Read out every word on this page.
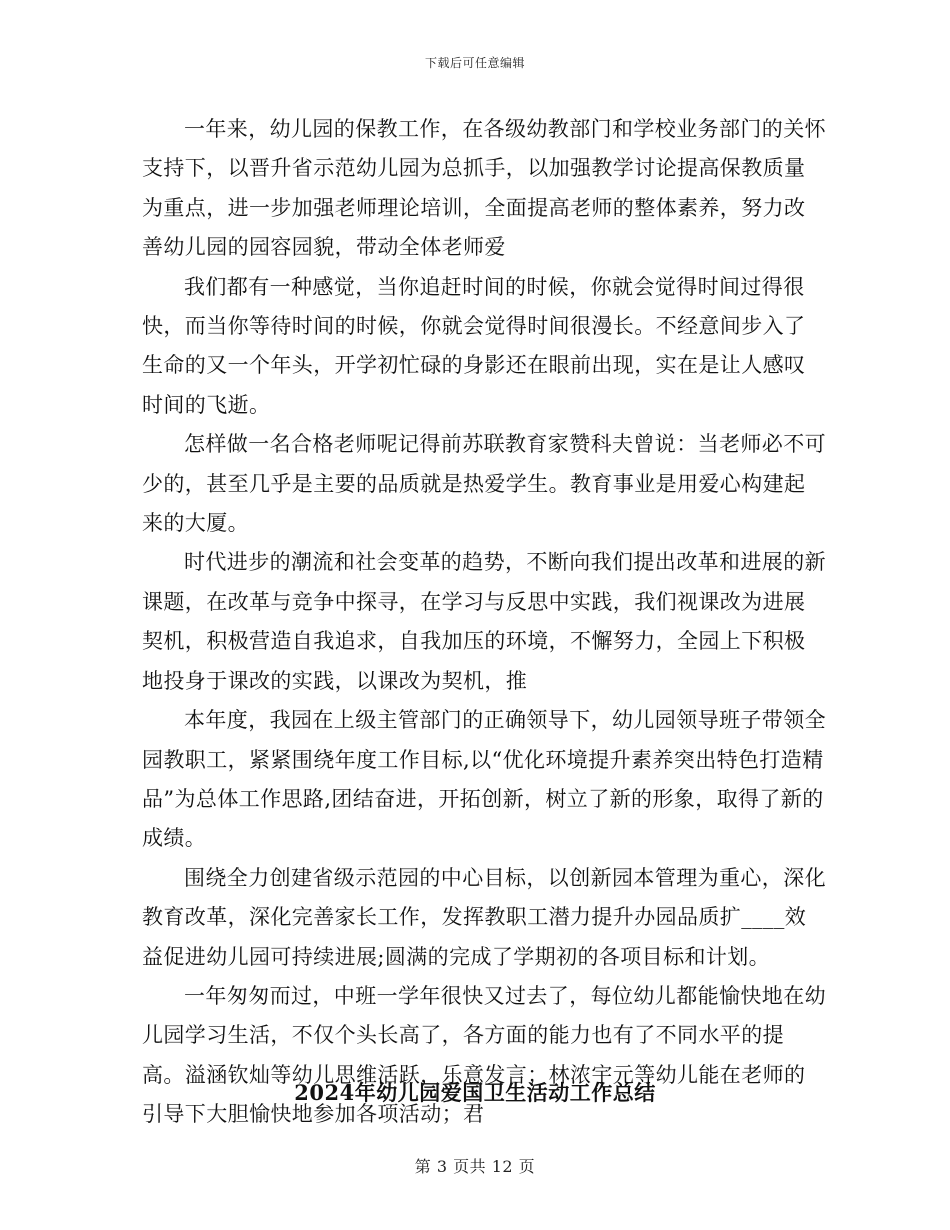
下载后可任意编辑

一年来，幼儿园的保教工作，在各级幼教部门和学校业务部门的关怀支持下，以晋升省示范幼儿园为总抓手，以加强教学讨论提高保教质量为重点，进一步加强老师理论培训，全面提高老师的整体素养，努力改善幼儿园的园容园貌，带动全体老师爱

我们都有一种感觉，当你追赶时间的时候，你就会觉得时间过得很快，而当你等待时间的时候，你就会觉得时间很漫长。不经意间步入了生命的又一个年头，开学初忙碌的身影还在眼前出现，实在是让人感叹时间的飞逝。

怎样做一名合格老师呢记得前苏联教育家赞科夫曾说：当老师必不可少的，甚至几乎是主要的品质就是热爱学生。教育事业是用爱心构建起来的大厦。

时代进步的潮流和社会变革的趋势，不断向我们提出改革和进展的新课题，在改革与竞争中探寻，在学习与反思中实践，我们视课改为进展契机，积极营造自我追求，自我加压的环境，不懈努力，全园上下积极地投身于课改的实践，以课改为契机，推

本年度，我园在上级主管部门的正确领导下，幼儿园领导班子带领全园教职工，紧紧围绕年度工作目标,以“优化环境提升素养突出特色打造精品”为总体工作思路,团结奋进，开拓创新，树立了新的形象，取得了新的成绩。

围绕全力创建省级示范园的中心目标，以创新园本管理为重心，深化教育改革，深化完善家长工作，发挥教职工潜力提升办园品质扩____效益促进幼儿园可持续进展;圆满的完成了学期初的各项目标和计划。

一年匆匆而过，中班一学年很快又过去了，每位幼儿都能愉快地在幼儿园学习生活，不仅个头长高了，各方面的能力也有了不同水平的提高。溢涵钦灿等幼儿思维活跃，乐意发言；林浓宇元等幼儿能在老师的引导下大胆愉快地参加各项活动；君

2024年幼儿园爱国卫生活动工作总结
第 3 页共 12 页
